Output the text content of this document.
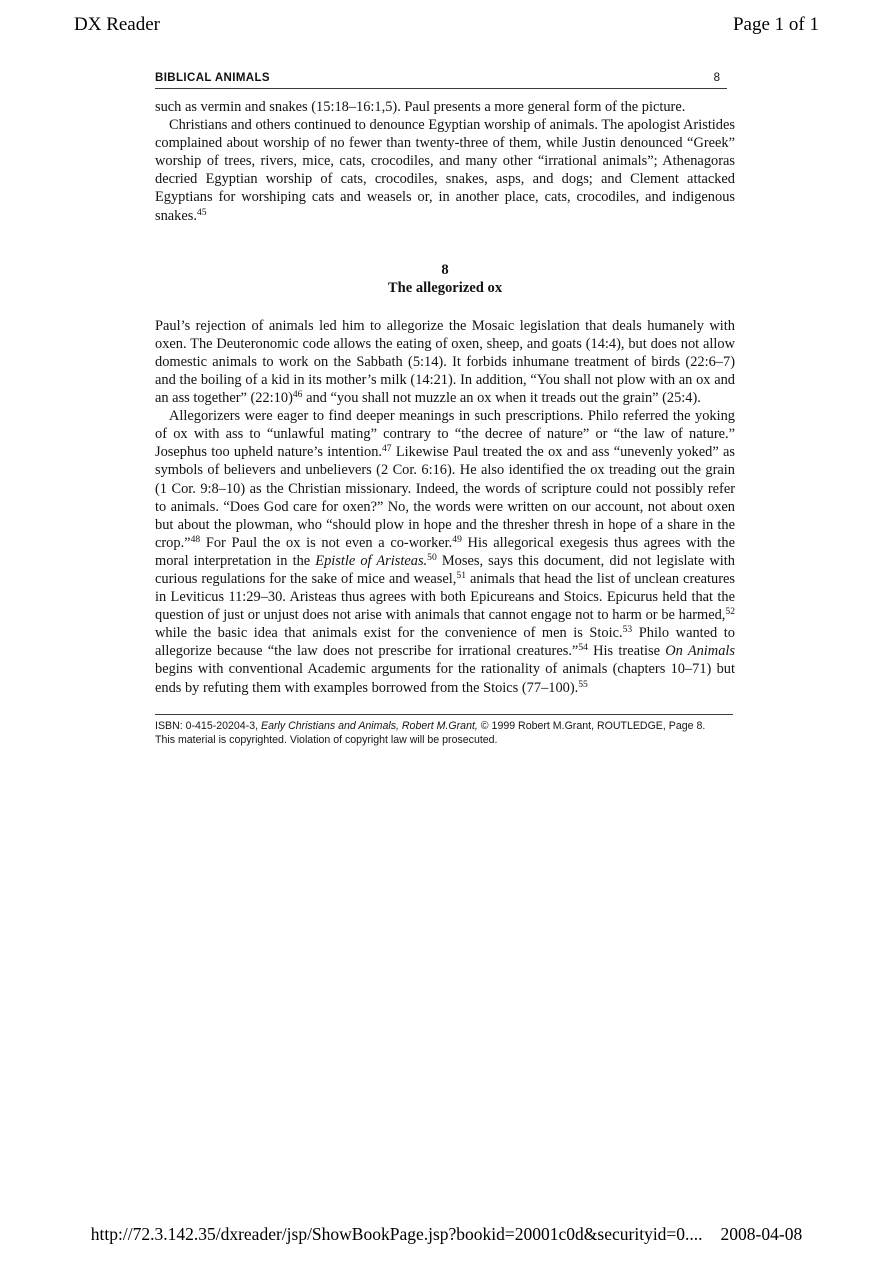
DX Reader	Page 1 of 1
BIBLICAL ANIMALS	8

such as vermin and snakes (15:18–16:1,5). Paul presents a more general form of the picture.

Christians and others continued to denounce Egyptian worship of animals. The apologist Aristides complained about worship of no fewer than twenty-three of them, while Justin denounced “Greek” worship of trees, rivers, mice, cats, crocodiles, and many other “irrational animals”; Athenagoras decried Egyptian worship of cats, crocodiles, snakes, asps, and dogs; and Clement attacked Egyptians for worshiping cats and weasels or, in another place, cats, crocodiles, and indigenous snakes.$^{45}$

8
The allegorized ox

Paul’s rejection of animals led him to allegorize the Mosaic legislation that deals humanely with oxen. The Deuteronomic code allows the eating of oxen, sheep, and goats (14:4), but does not allow domestic animals to work on the Sabbath (5:14). It forbids inhumane treatment of birds (22:6–7) and the boiling of a kid in its mother’s milk (14:21). In addition, “You shall not plow with an ox and an ass together” (22:10)$^{46}$ and “you shall not muzzle an ox when it treads out the grain” (25:4).

Allegorizers were eager to find deeper meanings in such prescriptions. Philo referred the yoking of ox with ass to “unlawful mating” contrary to “the decree of nature” or “the law of nature.” Josephus too upheld nature’s intention.$^{47}$ Likewise Paul treated the ox and ass “unevenly yoked” as symbols of believers and unbelievers (2 Cor. 6:16). He also identified the ox treading out the grain (1 Cor. 9:8–10) as the Christian missionary. Indeed, the words of scripture could not possibly refer to animals. “Does God care for oxen?” No, the words were written on our account, not about oxen but about the plowman, who “should plow in hope and the thresher thresh in hope of a share in the crop.”$^{48}$ For Paul the ox is not even a co-worker.$^{49}$ His allegorical exegesis thus agrees with the moral interpretation in the Epistle of Aristeas.$^{50}$ Moses, says this document, did not legislate with curious regulations for the sake of mice and weasel,$^{51}$ animals that head the list of unclean creatures in Leviticus 11:29–30. Aristeas thus agrees with both Epicureans and Stoics. Epicurus held that the question of just or unjust does not arise with animals that cannot engage not to harm or be harmed,$^{52}$ while the basic idea that animals exist for the convenience of men is Stoic.$^{53}$ Philo wanted to allegorize because “the law does not prescribe for irrational creatures.”$^{54}$ His treatise On Animals begins with conventional Academic arguments for the rationality of animals (chapters 10–71) but ends by refuting them with examples borrowed from the Stoics (77–100).$^{55}$

ISBN: 0-415-20204-3, Early Christians and Animals, Robert M.Grant, © 1999 Robert M.Grant, ROUTLEDGE, Page 8.
This material is copyrighted. Violation of copyright law will be prosecuted.
http://72.3.142.35/dxreader/jsp/ShowBookPage.jsp?bookid=20001c0d&securityid=0.... 2008-04-08
